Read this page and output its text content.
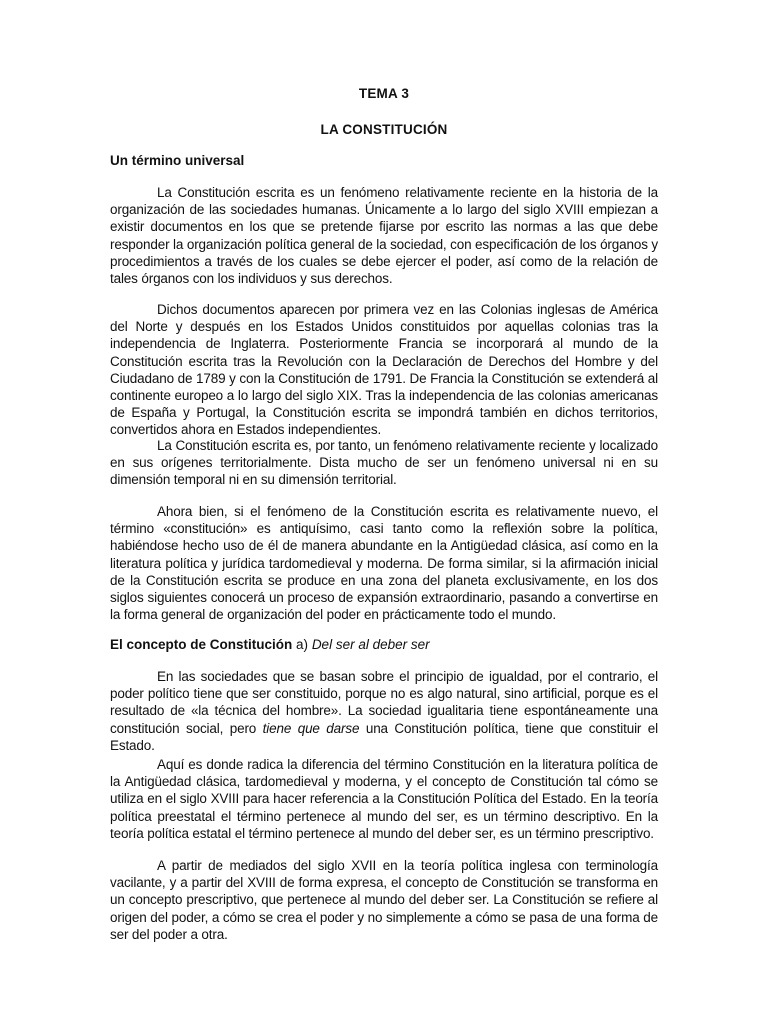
TEMA 3
LA CONSTITUCIÓN
Un término universal
La Constitución escrita es un fenómeno relativamente reciente en la historia de la organización de las sociedades humanas. Únicamente a lo largo del siglo XVIII empiezan a existir documentos en los que se pretende fijarse por escrito las normas a las que debe responder la organización política general de la sociedad, con especificación de los órganos y procedimientos a través de los cuales se debe ejercer el poder, así como de la relación de tales órganos con los individuos y sus derechos.
Dichos documentos aparecen por primera vez en las Colonias inglesas de América del Norte y después en los Estados Unidos constituidos por aquellas colonias tras la independencia de Inglaterra. Posteriormente Francia se incorporará al mundo de la Constitución escrita tras la Revolución con la Declaración de Derechos del Hombre y del Ciudadano de 1789 y con la Constitución de 1791. De Francia la Constitución se extenderá al continente europeo a lo largo del siglo XIX. Tras la independencia de las colonias americanas de España y Portugal, la Constitución escrita se impondrá también en dichos territorios, convertidos ahora en Estados independientes.
La Constitución escrita es, por tanto, un fenómeno relativamente reciente y localizado en sus orígenes territorialmente. Dista mucho de ser un fenómeno universal ni en su dimensión temporal ni en su dimensión territorial.
Ahora bien, si el fenómeno de la Constitución escrita es relativamente nuevo, el término «constitución» es antiquísimo, casi tanto como la reflexión sobre la política, habiéndose hecho uso de él de manera abundante en la Antigüedad clásica, así como en la literatura política y jurídica tardomedieval y moderna. De forma similar, si la afirmación inicial de la Constitución escrita se produce en una zona del planeta exclusivamente, en los dos siglos siguientes conocerá un proceso de expansión extraordinario, pasando a convertirse en la forma general de organización del poder en prácticamente todo el mundo.
El concepto de Constitución a) Del ser al deber ser
En las sociedades que se basan sobre el principio de igualdad, por el contrario, el poder político tiene que ser constituido, porque no es algo natural, sino artificial, porque es el resultado de «la técnica del hombre». La sociedad igualitaria tiene espontáneamente una constitución social, pero tiene que darse una Constitución política, tiene que constituir el Estado.
Aquí es donde radica la diferencia del término Constitución en la literatura política de la Antigüedad clásica, tardomedieval y moderna, y el concepto de Constitución tal cómo se utiliza en el siglo XVIII para hacer referencia a la Constitución Política del Estado. En la teoría política preestatal el término pertenece al mundo del ser, es un término descriptivo. En la teoría política estatal el término pertenece al mundo del deber ser, es un término prescriptivo.
A partir de mediados del siglo XVII en la teoría política inglesa con terminología vacilante, y a partir del XVIII de forma expresa, el concepto de Constitución se transforma en un concepto prescriptivo, que pertenece al mundo del deber ser. La Constitución se refiere al origen del poder, a cómo se crea el poder y no simplemente a cómo se pasa de una forma de ser del poder a otra.
